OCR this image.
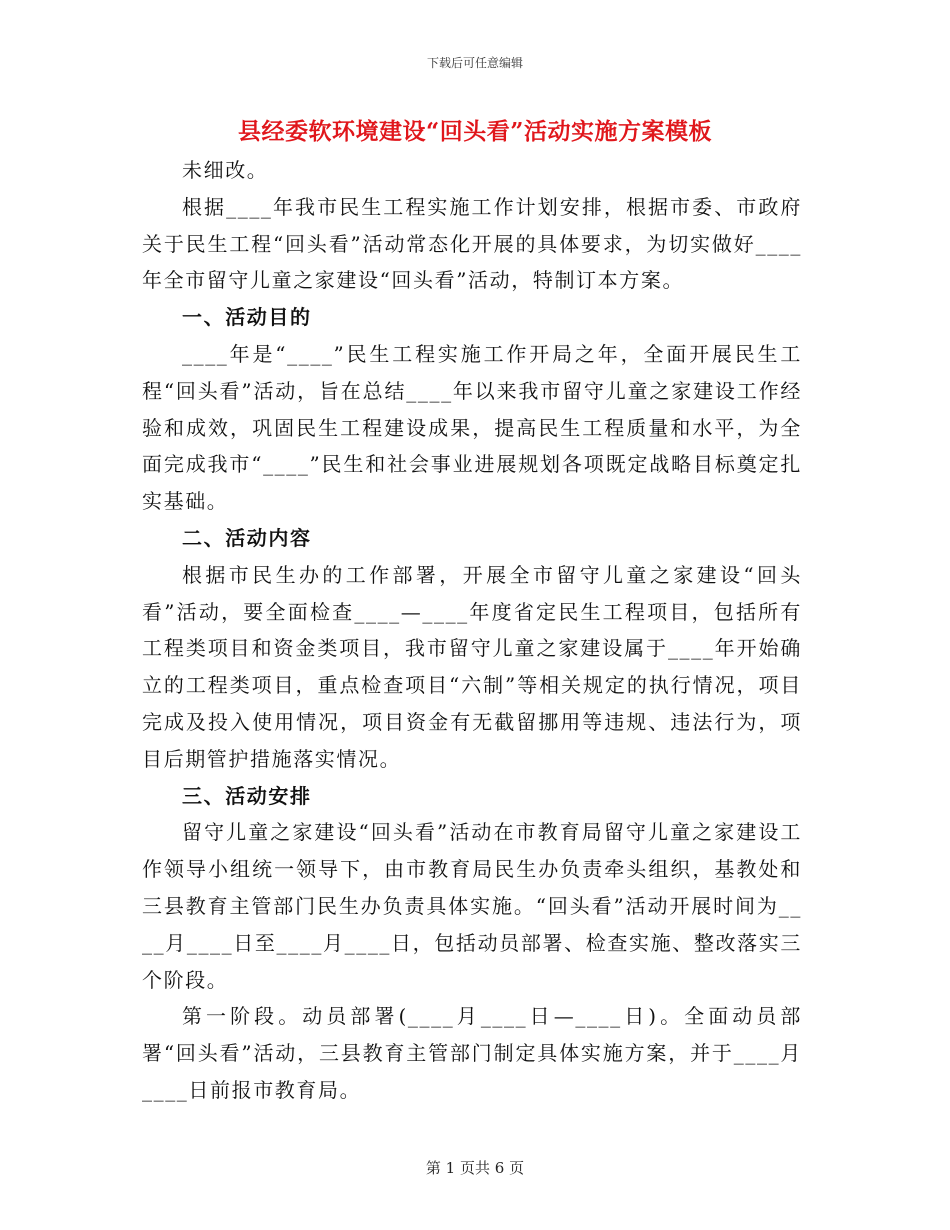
下载后可任意编辑
县经委软环境建设“回头看”活动实施方案模板

未细改。

根据____年我市民生工程实施工作计划安排，根据市委、市政府关于民生工程“回头看”活动常态化开展的具体要求，为切实做好____年全市留守儿童之家建设“回头看”活动，特制订本方案。

一、活动目的

____年是“____”民生工程实施工作开局之年，全面开展民生工程“回头看”活动，旨在总结____年以来我市留守儿童之家建设工作经验和成效，巩固民生工程建设成果，提高民生工程质量和水平，为全面完成我市“____”民生和社会事业进展规划各项既定战略目标奠定扎实基础。

二、活动内容

根据市民生办的工作部署，开展全市留守儿童之家建设“回头看”活动，要全面检查____—____年度省定民生工程项目，包括所有工程类项目和资金类项目，我市留守儿童之家建设属于____年开始确立的工程类项目，重点检查项目“六制”等相关规定的执行情况，项目完成及投入使用情况，项目资金有无截留挪用等违规、违法行为，项目后期管护措施落实情况。

三、活动安排

留守儿童之家建设“回头看”活动在市教育局留守儿童之家建设工作领导小组统一领导下，由市教育局民生办负责牵头组织，基教处和三县教育主管部门民生办负责具体实施。“回头看”活动开展时间为____月____日至____月____日，包括动员部署、检查实施、整改落实三个阶段。

第一阶段。动员部署(____月____日—____日)。全面动员部署“回头看”活动，三县教育主管部门制定具体实施方案，并于____月____日前报市教育局。

第 1 页共 6 页
